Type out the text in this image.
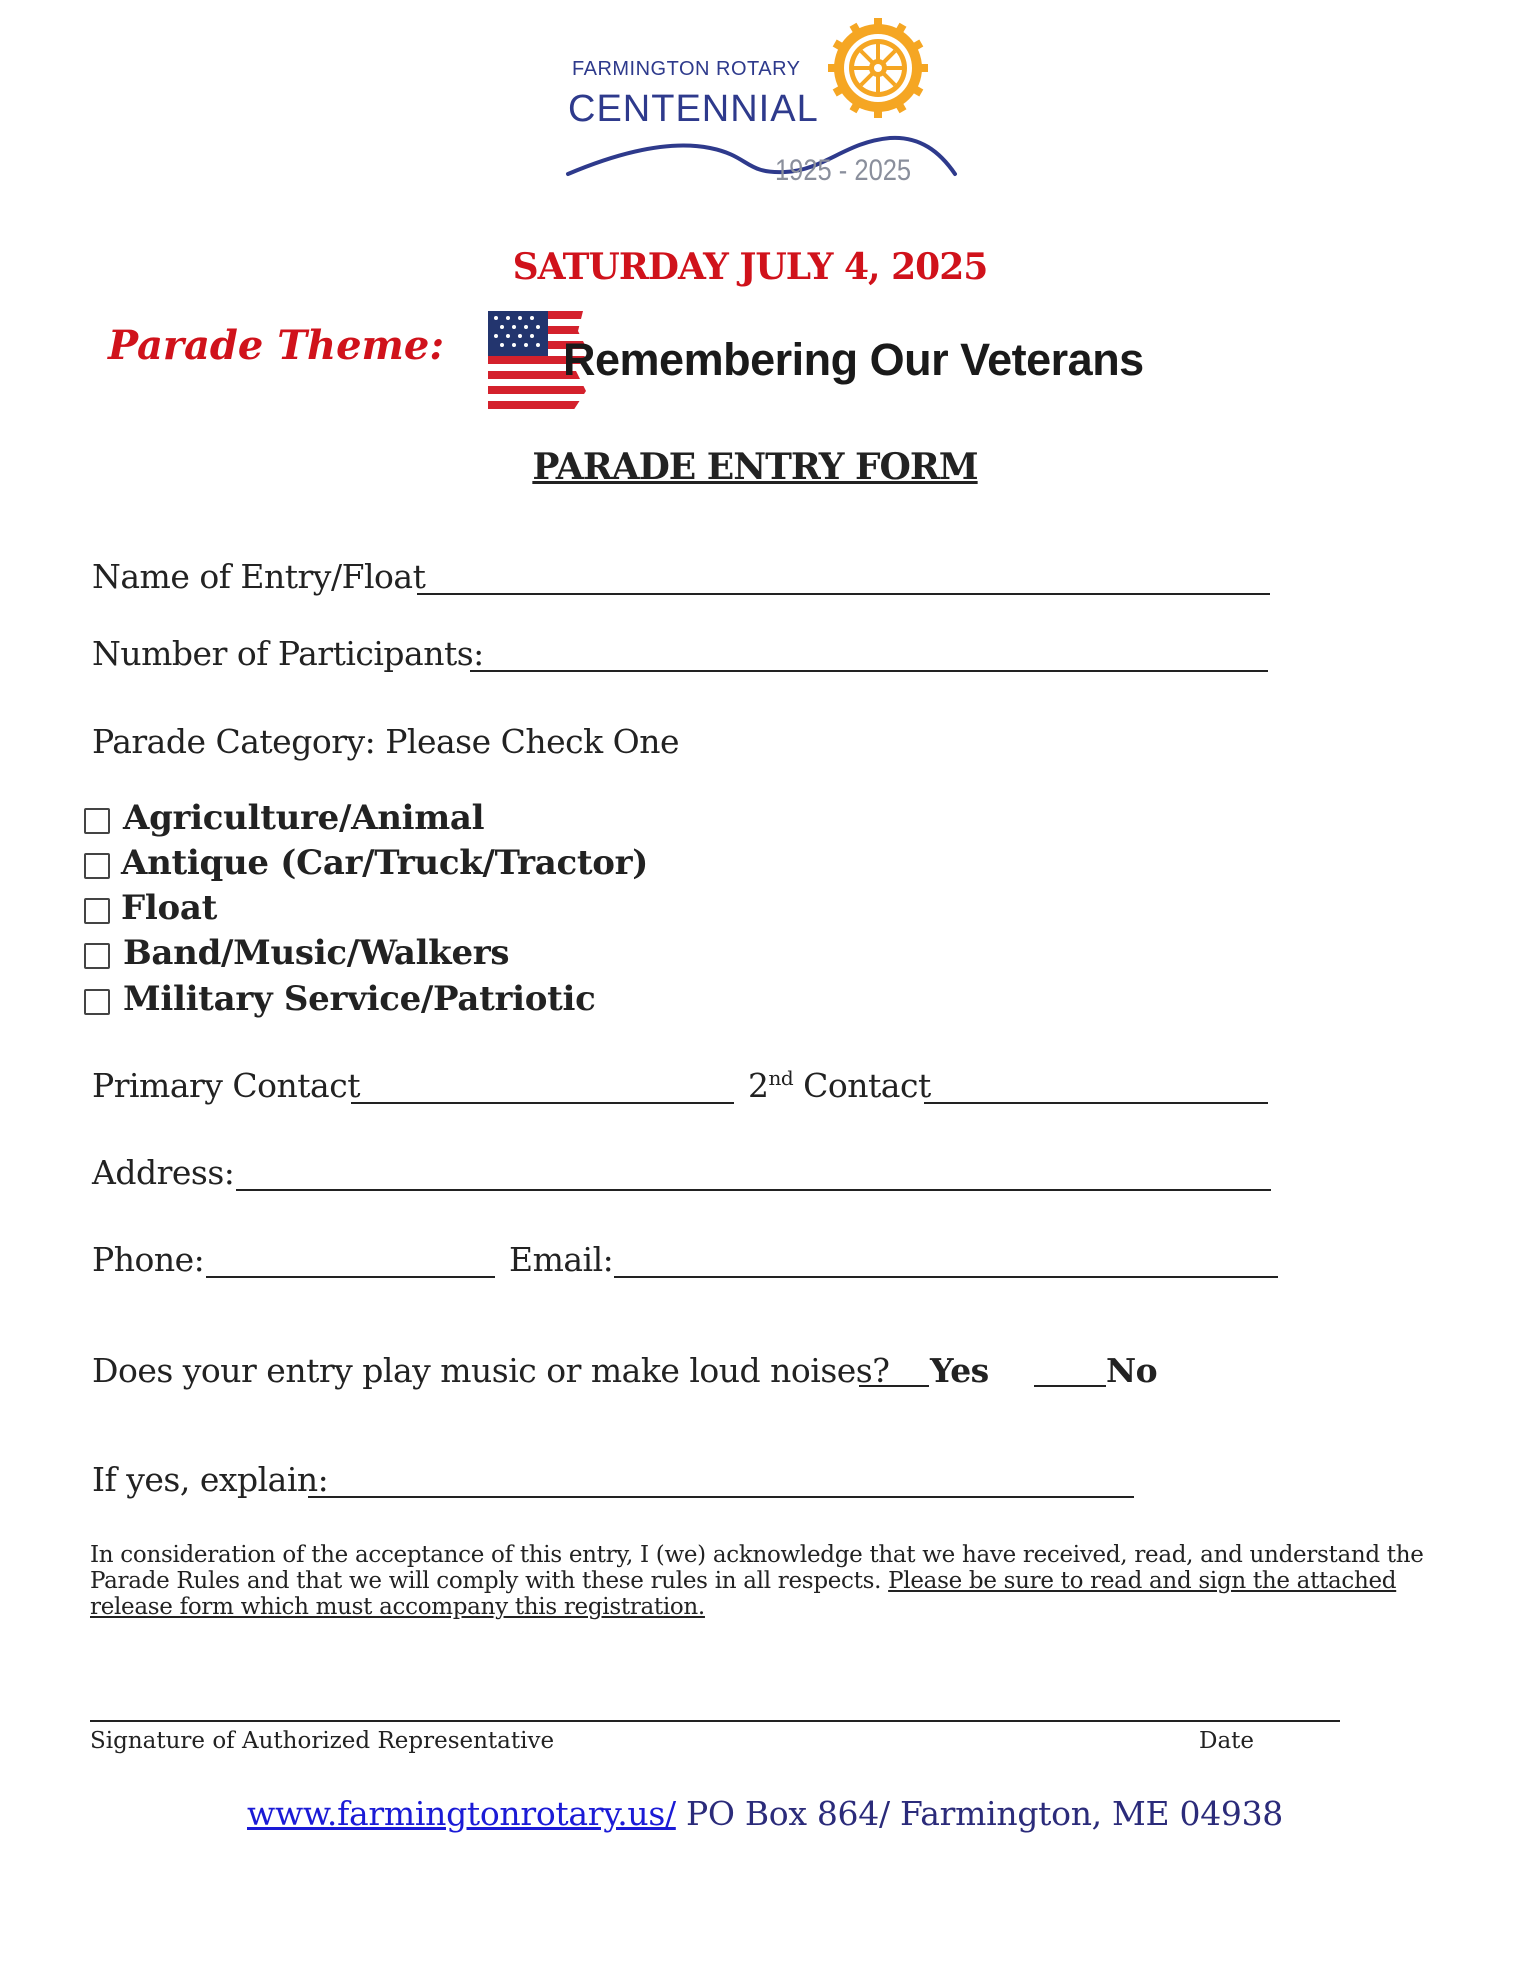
FARMINGTON ROTARY
CENTENNIAL
1925 - 2025
SATURDAY JULY 4, 2025
Parade Theme:	Remembering Our Veterans
PARADE ENTRY FORM
Name of Entry/Float
Number of Participants:
Parade Category: Please Check One
Agriculture/Animal
Antique (Car/Truck/Tractor)
Float
Band/Music/Walkers
Military Service/Patriotic
Primary Contact	2nd Contact
Address:
Phone:	Email:
Does your entry play music or make loud noises? Yes	No
If yes, explain:
In consideration of the acceptance of this entry, I (we) acknowledge that we have received, read, and understand the
Parade Rules and that we will comply with these rules in all respects. Please be sure to read and sign the attached
release form which must accompany this registration.
Signature of Authorized Representative	Date
www.farmingtonrotary.us/ PO Box 864/ Farmington, ME 04938
